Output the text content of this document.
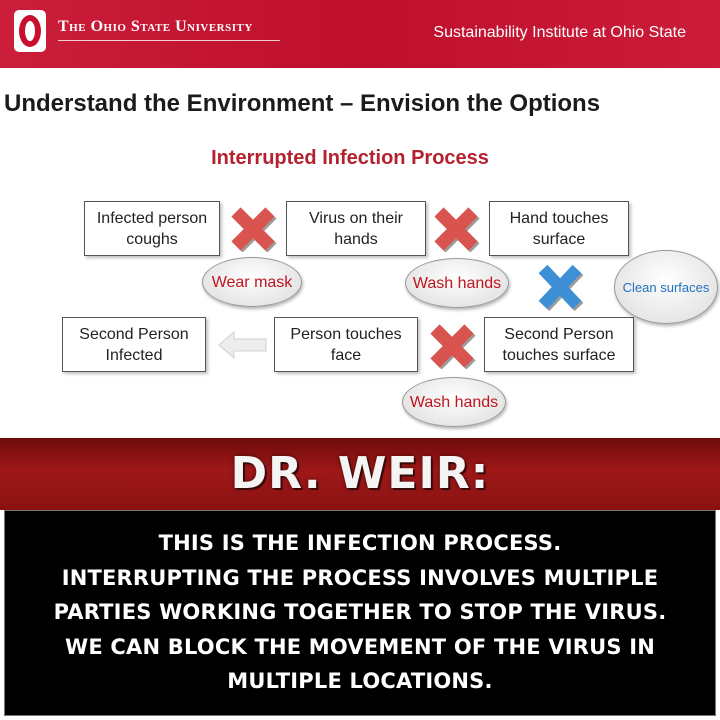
The Ohio State University	Sustainability Institute at Ohio State
Understand the Environment – Envision the Options
Interrupted Infection Process
Infected person coughs
Virus on their hands
Hand touches surface
Second Person Infected
Person touches face
Second Person touches surface
Wear mask	Wash hands	Clean surfaces
Wash hands
DR. WEIR:
THIS IS THE INFECTION PROCESS.
INTERRUPTING THE PROCESS INVOLVES MULTIPLE
PARTIES WORKING TOGETHER TO STOP THE VIRUS.
WE CAN BLOCK THE MOVEMENT OF THE VIRUS IN
MULTIPLE LOCATIONS.
